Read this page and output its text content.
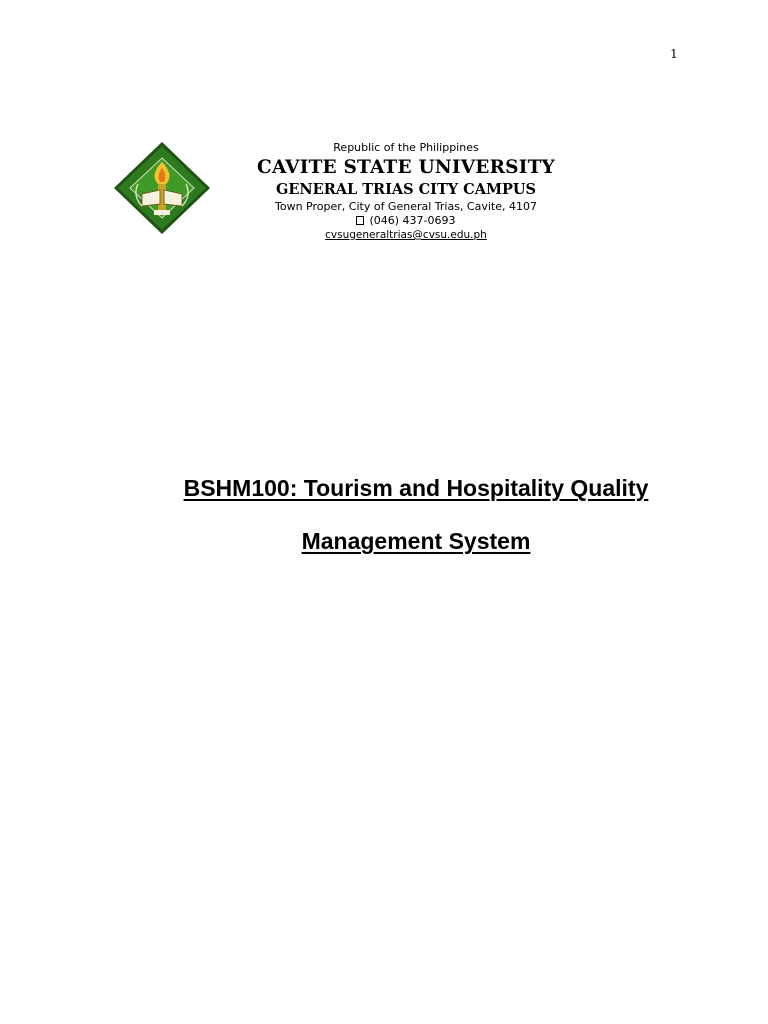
1
Republic of the Philippines
CAVITE STATE UNIVERSITY
GENERAL TRIAS CITY CAMPUS
Town Proper, City of General Trias, Cavite, 4107
(046) 437-0693
cvsugeneraltrias@cvsu.edu.ph
BSHM100: Tourism and Hospitality Quality
Management System
